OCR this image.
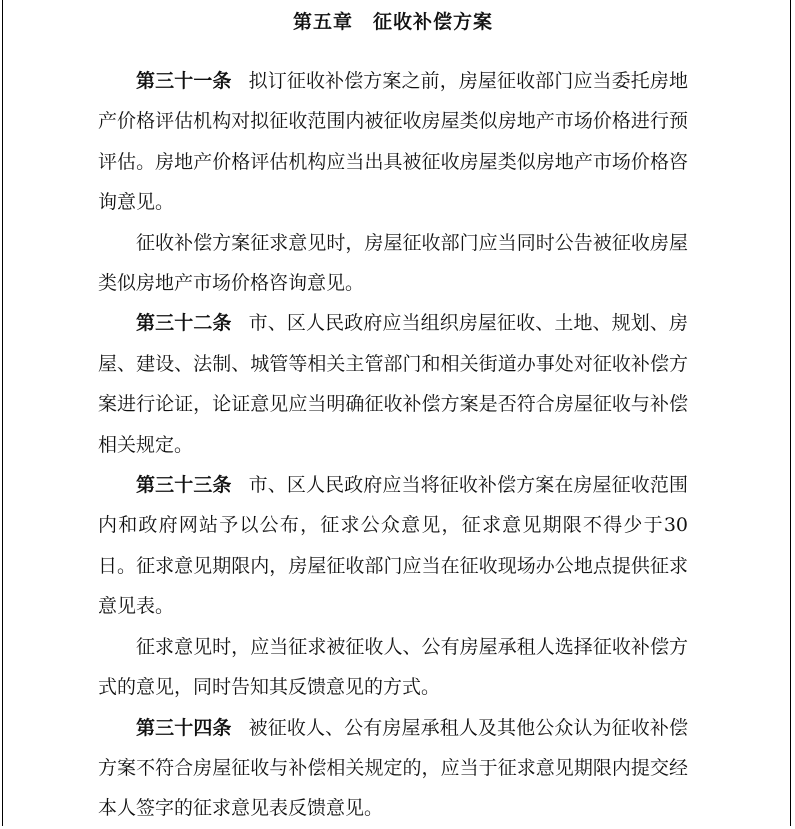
第五章　征收补偿方案

第三十一条 拟订征收补偿方案之前，房屋征收部门应当委托房地产价格评估机构对拟征收范围内被征收房屋类似房地产市场价格进行预评估。房地产价格评估机构应当出具被征收房屋类似房地产市场价格咨询意见。

征收补偿方案征求意见时，房屋征收部门应当同时公告被征收房屋类似房地产市场价格咨询意见。

第三十二条 市、区人民政府应当组织房屋征收、土地、规划、房屋、建设、法制、城管等相关主管部门和相关街道办事处对征收补偿方案进行论证，论证意见应当明确征收补偿方案是否符合房屋征收与补偿相关规定。

第三十三条 市、区人民政府应当将征收补偿方案在房屋征收范围内和政府网站予以公布，征求公众意见，征求意见期限不得少于30日。征求意见期限内，房屋征收部门应当在征收现场办公地点提供征求意见表。

征求意见时，应当征求被征收人、公有房屋承租人选择征收补偿方式的意见，同时告知其反馈意见的方式。

第三十四条 被征收人、公有房屋承租人及其他公众认为征收补偿方案不符合房屋征收与补偿相关规定的，应当于征求意见期限内提交经本人签字的征求意见表反馈意见。
